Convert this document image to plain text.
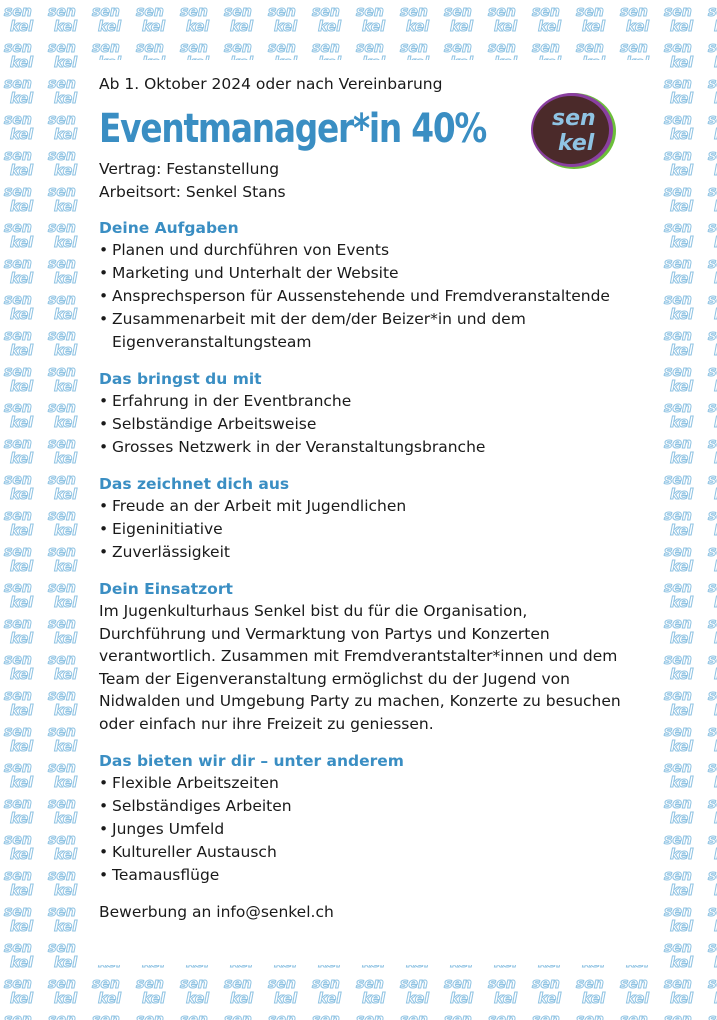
Ab 1. Oktober 2024 oder nach Vereinbarung

Eventmanager*in 40%

Vertrag: Festanstellung

Arbeitsort: Senkel Stans

Deine Aufgaben
• Planen und durchführen von Events
• Marketing und Unterhalt der Website
• Ansprechsperson für Aussenstehende und Fremdveranstaltende
• Zusammenarbeit mit der dem/der Beizer*in und dem Eigenveranstaltungsteam
Das bringst du mit
• Erfahrung in der Eventbranche
• Selbständige Arbeitsweise
• Grosses Netzwerk in der Veranstaltungsbranche
Das zeichnet dich aus
• Freude an der Arbeit mit Jugendlichen
• Eigeninitiative
• Zuverlässigkeit
Dein Einsatzort

Im Jugenkulturhaus Senkel bist du für die Organisation, Durchführung und Vermarktung von Partys und Konzerten verantwortlich. Zusammen mit Fremdverantstalter*innen und dem Team der Eigenveranstaltung ermöglichst du der Jugend von Nidwalden und Umgebung Party zu machen, Konzerte zu besuchen oder einfach nur ihre Freizeit zu geniessen.

Das bieten wir dir – unter anderem
• Flexible Arbeitszeiten
• Selbständiges Arbeiten
• Junges Umfeld
• Kultureller Austausch
• Teamausflüge

Bewerbung an info@senkel.ch

sen
kel
